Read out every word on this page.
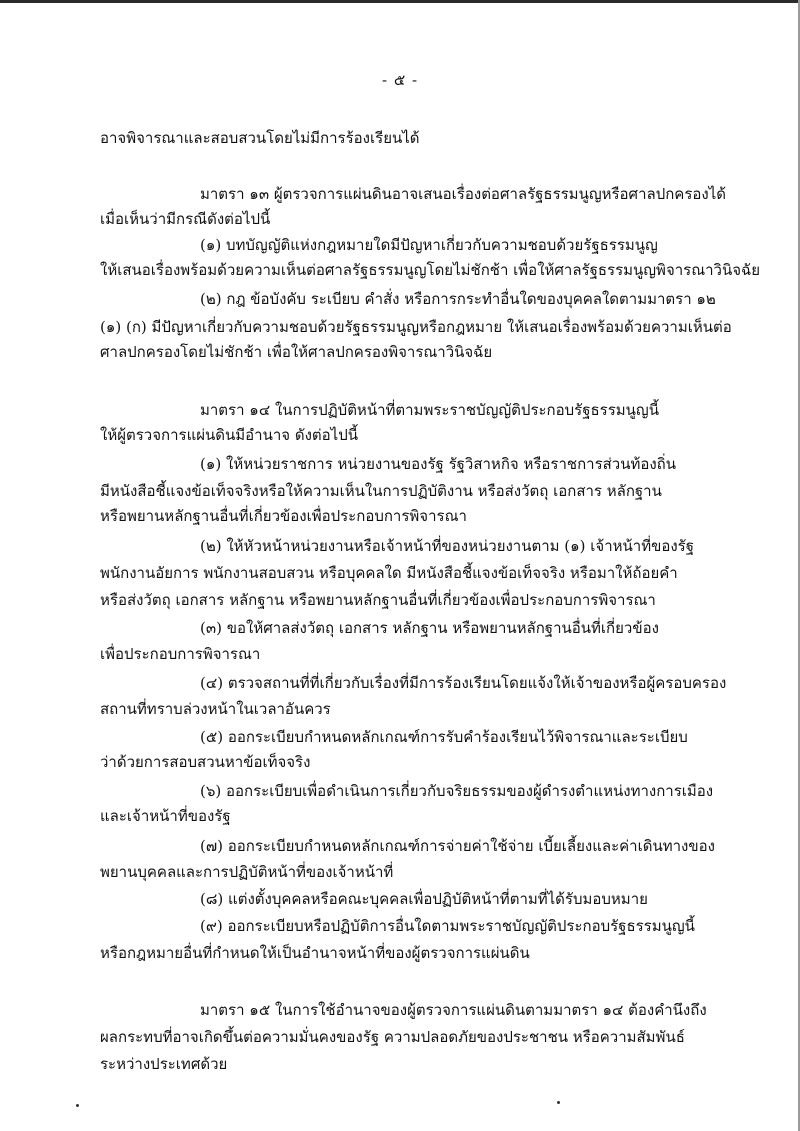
- ๕ -
อาจพิจารณาและสอบสวนโดยไม่มีการร้องเรียนได้
มาตรา ๑๓ ผู้ตรวจการแผ่นดินอาจเสนอเรื่องต่อศาลรัฐธรรมนูญหรือศาลปกครองได้
เมื่อเห็นว่ามีกรณีดังต่อไปนี้
(๑) บทบัญญัติแห่งกฎหมายใดมีปัญหาเกี่ยวกับความชอบด้วยรัฐธรรมนูญ
ให้เสนอเรื่องพร้อมด้วยความเห็นต่อศาลรัฐธรรมนูญโดยไม่ชักช้า เพื่อให้ศาลรัฐธรรมนูญพิจารณาวินิจฉัย
(๒) กฎ ข้อบังคับ ระเบียบ คำสั่ง หรือการกระทำอื่นใดของบุคคลใดตามมาตรา ๑๒
(๑) (ก) มีปัญหาเกี่ยวกับความชอบด้วยรัฐธรรมนูญหรือกฎหมาย ให้เสนอเรื่องพร้อมด้วยความเห็นต่อ
ศาลปกครองโดยไม่ชักช้า เพื่อให้ศาลปกครองพิจารณาวินิจฉัย
มาตรา ๑๔ ในการปฏิบัติหน้าที่ตามพระราชบัญญัติประกอบรัฐธรรมนูญนี้
ให้ผู้ตรวจการแผ่นดินมีอำนาจ ดังต่อไปนี้
(๑) ให้หน่วยราชการ หน่วยงานของรัฐ รัฐวิสาหกิจ หรือราชการส่วนท้องถิ่น
มีหนังสือชี้แจงข้อเท็จจริงหรือให้ความเห็นในการปฏิบัติงาน หรือส่งวัตถุ เอกสาร หลักฐาน
หรือพยานหลักฐานอื่นที่เกี่ยวข้องเพื่อประกอบการพิจารณา
(๒) ให้หัวหน้าหน่วยงานหรือเจ้าหน้าที่ของหน่วยงานตาม (๑) เจ้าหน้าที่ของรัฐ
พนักงานอัยการ พนักงานสอบสวน หรือบุคคลใด มีหนังสือชี้แจงข้อเท็จจริง หรือมาให้ถ้อยคำ
หรือส่งวัตถุ เอกสาร หลักฐาน หรือพยานหลักฐานอื่นที่เกี่ยวข้องเพื่อประกอบการพิจารณา
(๓) ขอให้ศาลส่งวัตถุ เอกสาร หลักฐาน หรือพยานหลักฐานอื่นที่เกี่ยวข้อง
เพื่อประกอบการพิจารณา
(๔) ตรวจสถานที่ที่เกี่ยวกับเรื่องที่มีการร้องเรียนโดยแจ้งให้เจ้าของหรือผู้ครอบครอง
สถานที่ทราบล่วงหน้าในเวลาอันควร
(๕) ออกระเบียบกำหนดหลักเกณฑ์การรับคำร้องเรียนไว้พิจารณาและระเบียบ
ว่าด้วยการสอบสวนหาข้อเท็จจริง
(๖) ออกระเบียบเพื่อดำเนินการเกี่ยวกับจริยธรรมของผู้ดำรงตำแหน่งทางการเมือง
และเจ้าหน้าที่ของรัฐ
(๗) ออกระเบียบกำหนดหลักเกณฑ์การจ่ายค่าใช้จ่าย เบี้ยเลี้ยงและค่าเดินทางของ
พยานบุคคลและการปฏิบัติหน้าที่ของเจ้าหน้าที่
(๘) แต่งตั้งบุคคลหรือคณะบุคคลเพื่อปฏิบัติหน้าที่ตามที่ได้รับมอบหมาย
(๙) ออกระเบียบหรือปฏิบัติการอื่นใดตามพระราชบัญญัติประกอบรัฐธรรมนูญนี้
หรือกฎหมายอื่นที่กำหนดให้เป็นอำนาจหน้าที่ของผู้ตรวจการแผ่นดิน
มาตรา ๑๕ ในการใช้อำนาจของผู้ตรวจการแผ่นดินตามมาตรา ๑๔ ต้องคำนึงถึง
ผลกระทบที่อาจเกิดขึ้นต่อความมั่นคงของรัฐ ความปลอดภัยของประชาชน หรือความสัมพันธ์
ระหว่างประเทศด้วย
